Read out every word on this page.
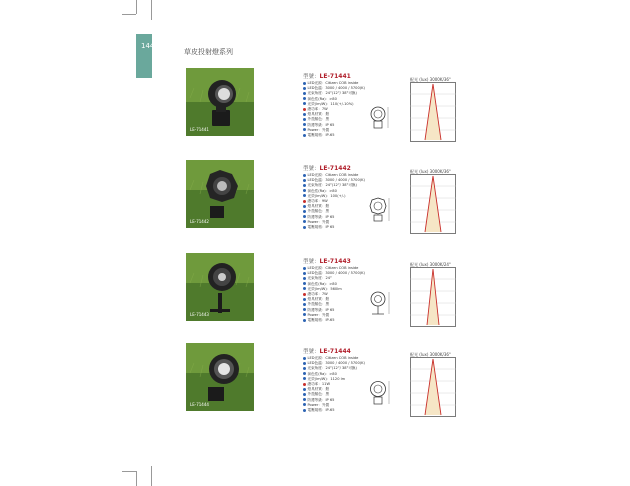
144
草皮投射燈系列
LE-71441
型號：LE-71441
LED光源：Citizen COB inside
LED色溫：3000 / 4000 / 5700(K)
光束角度：24°(12°/ 38°可換)
演色性(Ra)：>80
光效(lm/W)：110(+/-10%)
總功率：7W
燈具材質：鋁
外殼顏色：黑
防護等級：IP 65
Power：外置
電壓規格：IP-65
配光 (lux) 3000K/36°
LE-71442
型號：LE-71442
LED光源：Citizen COB inside
LED色溫：3000 / 4000 / 5700(K)
光束角度：24°(12°/ 38°可換)
演色性(Ra)：>80
光效(lm/W)：100(+/-)
總功率：9W
燈具材質：鋁
外殼顏色：黑
防護等級：IP 65
Power：外置
電壓規格：IP 65
配光 (lux) 3000K/36°
LE-71443
型號：LE-71443
LED光源：Citizen COB inside
LED色溫：3000 / 4000 / 5700(K)
光束角度：24°
演色性(Ra)：>80
光效(lm/W)：560lm
總功率：7W
燈具材質：鋁
外殼顏色：黑
防護等級：IP 65
Power：外置
電壓規格：IP-65
配光 (lux) 3000K/24°
LE-71444
型號：LE-71444
LED光源：Citizen COB inside
LED色溫：3000 / 4000 / 5700(K)
光束角度：24°(12°/ 38°可換)
演色性(Ra)：>80
光效(lm/W)：1120 lm
總功率：11W
燈具材質：鋁
外殼顏色：黑
防護等級：IP 65
Power：外置
電壓規格：IP-65
配光 (lux) 3000K/36°
